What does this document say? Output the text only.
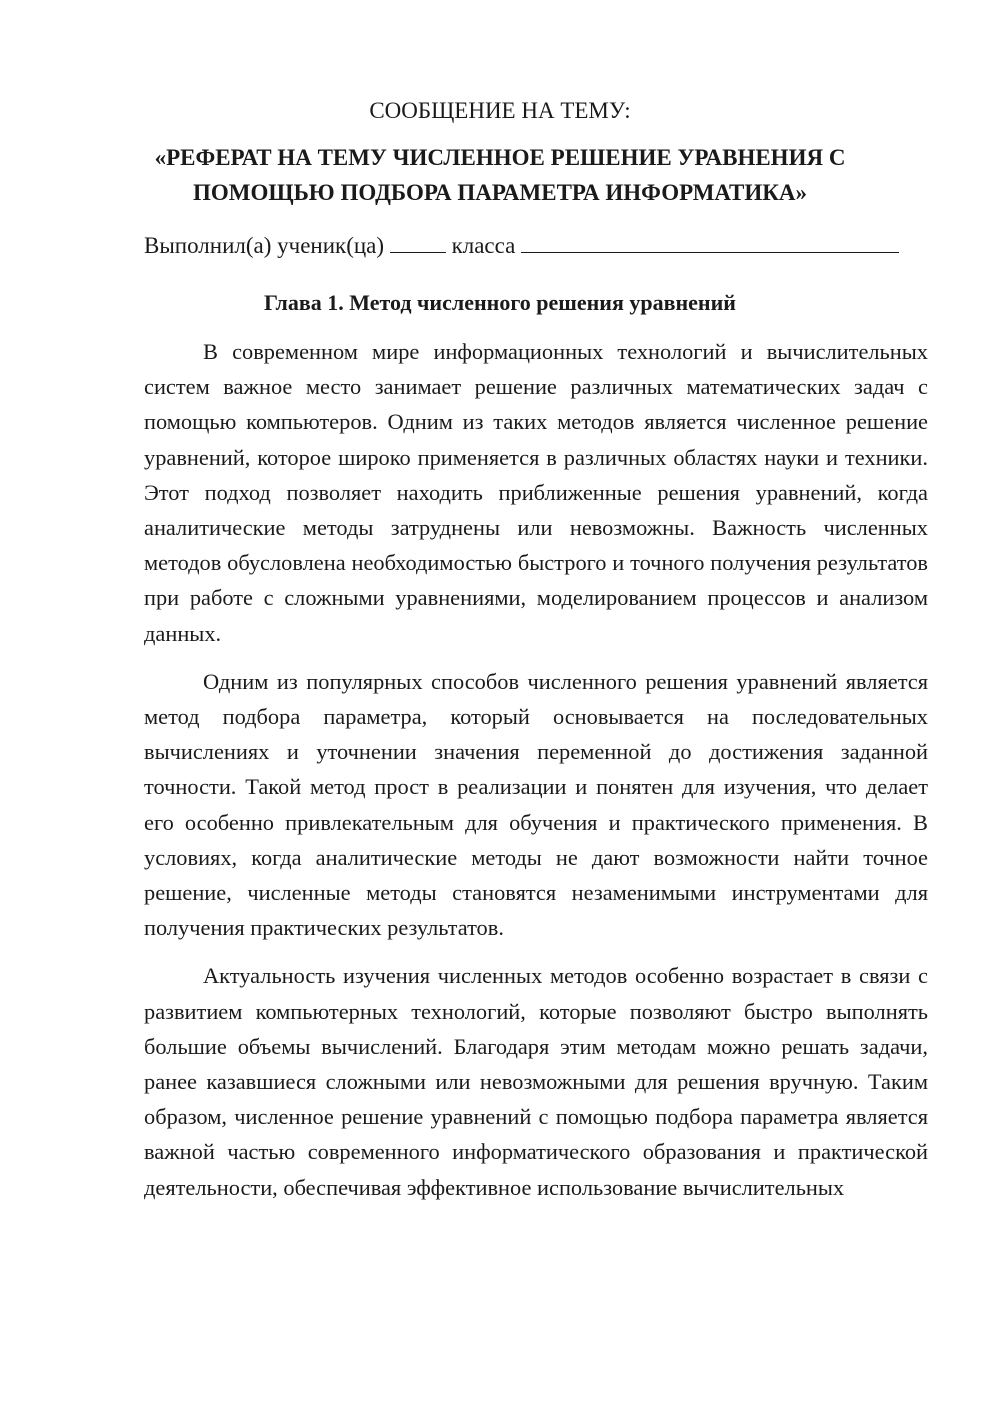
СООБЩЕНИЕ НА ТЕМУ:
«РЕФЕРАТ НА ТЕМУ ЧИСЛЕННОЕ РЕШЕНИЕ УРАВНЕНИЯ С
ПОМОЩЬЮ ПОДБОРА ПАРАМЕТРА ИНФОРМАТИКА»
Выполнил(а) ученик(ца)	класса
Глава 1. Метод численного решения уравнений

В современном мире информационных технологий и вычислительных систем важное место занимает решение различных математических задач с помощью компьютеров. Одним из таких методов является численное решение уравнений, которое широко применяется в различных областях науки и техники. Этот подход позволяет находить приближенные решения уравнений, когда аналитические методы затруднены или невозможны. Важность численных методов обусловлена необходимостью быстрого и точного получения результатов при работе с сложными уравнениями, моделированием процессов и анализом данных.

Одним из популярных способов численного решения уравнений является метод подбора параметра, который основывается на последовательных вычислениях и уточнении значения переменной до достижения заданной точности. Такой метод прост в реализации и понятен для изучения, что делает его особенно привлекательным для обучения и практического применения. В условиях, когда аналитические методы не дают возможности найти точное решение, численные методы становятся незаменимыми инструментами для получения практических результатов.

Актуальность изучения численных методов особенно возрастает в связи с развитием компьютерных технологий, которые позволяют быстро выполнять большие объемы вычислений. Благодаря этим методам можно решать задачи, ранее казавшиеся сложными или невозможными для решения вручную. Таким образом, численное решение уравнений с помощью подбора параметра является важной частью современного информатического образования и практической деятельности, обеспечивая эффективное использование вычислительных
